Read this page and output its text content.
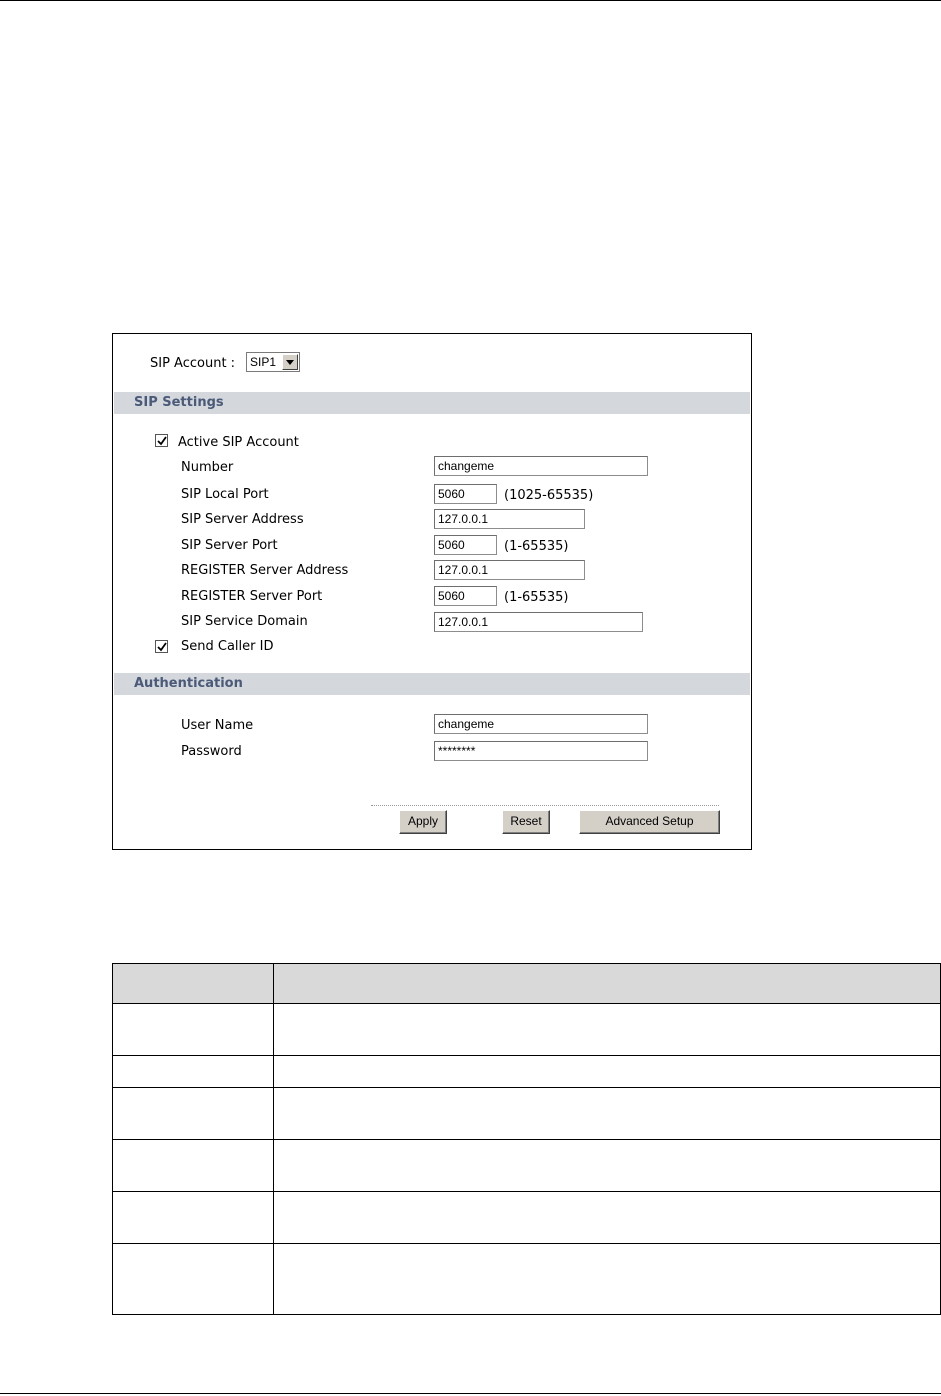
SIP Account : SIP1
SIP Settings
Active SIP Account
Number	changeme
SIP Local Port	5060	(1025-65535)
SIP Server Address	127.0.0.1
SIP Server Port	5060	(1-65535)
REGISTER Server Address	127.0.0.1
REGISTER Server Port	5060	(1-65535)
SIP Service Domain	127.0.0.1
Send Caller ID
Authentication
User Name	changeme
Password	********
Apply	Reset	Advanced Setup
